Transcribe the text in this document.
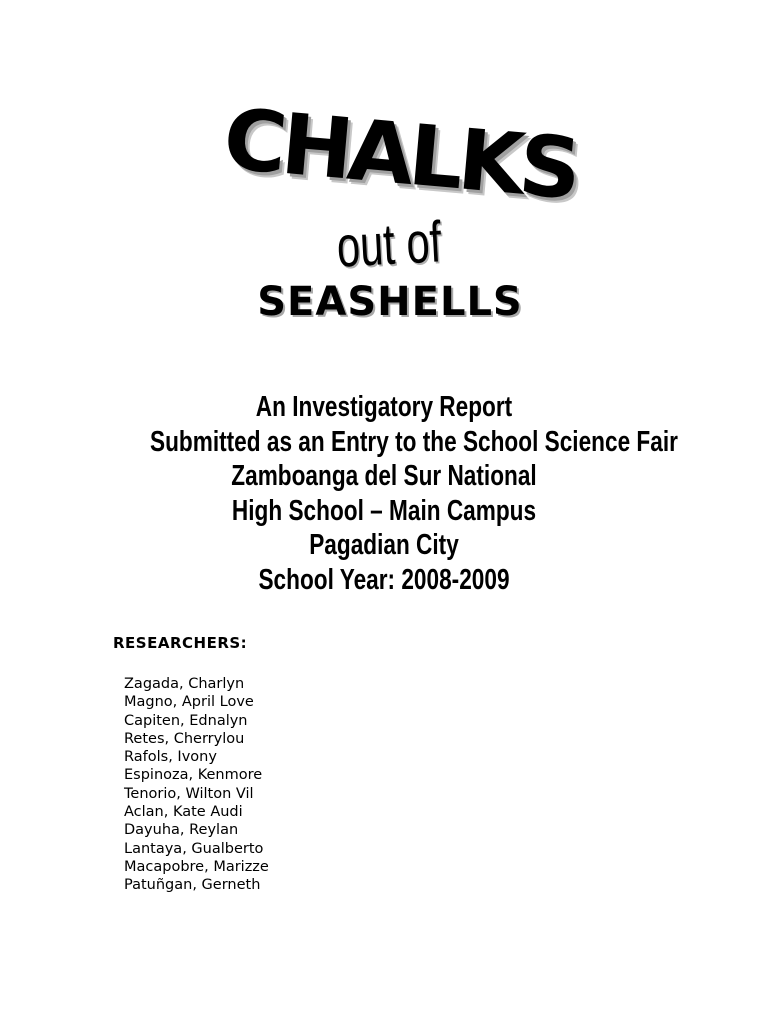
CHALKS
out of
SEASHELLS
An Investigatory Report
Submitted as an Entry to the School Science Fair
Zamboanga del Sur National
High School – Main Campus
Pagadian City
School Year: 2008-2009
RESEARCHERS:
Zagada, Charlyn
Magno, April Love
Capiten, Ednalyn
Retes, Cherrylou
Rafols, Ivony
Espinoza, Kenmore
Tenorio, Wilton Vil
Aclan, Kate Audi
Dayuha, Reylan
Lantaya, Gualberto
Macapobre, Marizze
Patuñgan, Gerneth
